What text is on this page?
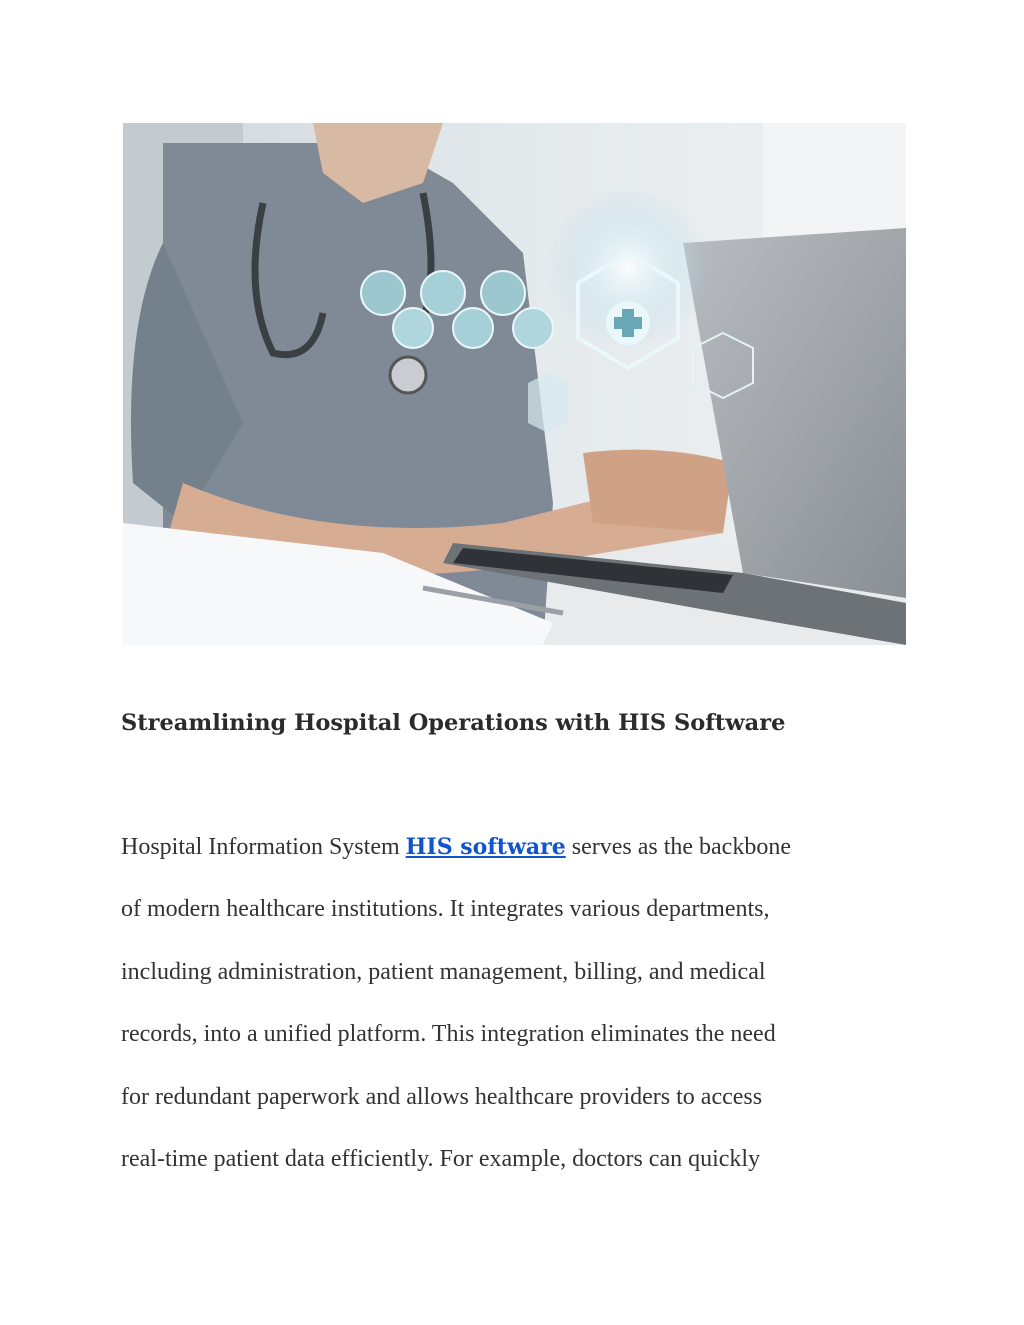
Streamlining Hospital Operations with HIS Software
Hospital Information System HIS software serves as the backbone
of modern healthcare institutions. It integrates various departments,
including administration, patient management, billing, and medical
records, into a unified platform. This integration eliminates the need
for redundant paperwork and allows healthcare providers to access
real-time patient data efficiently. For example, doctors can quickly
